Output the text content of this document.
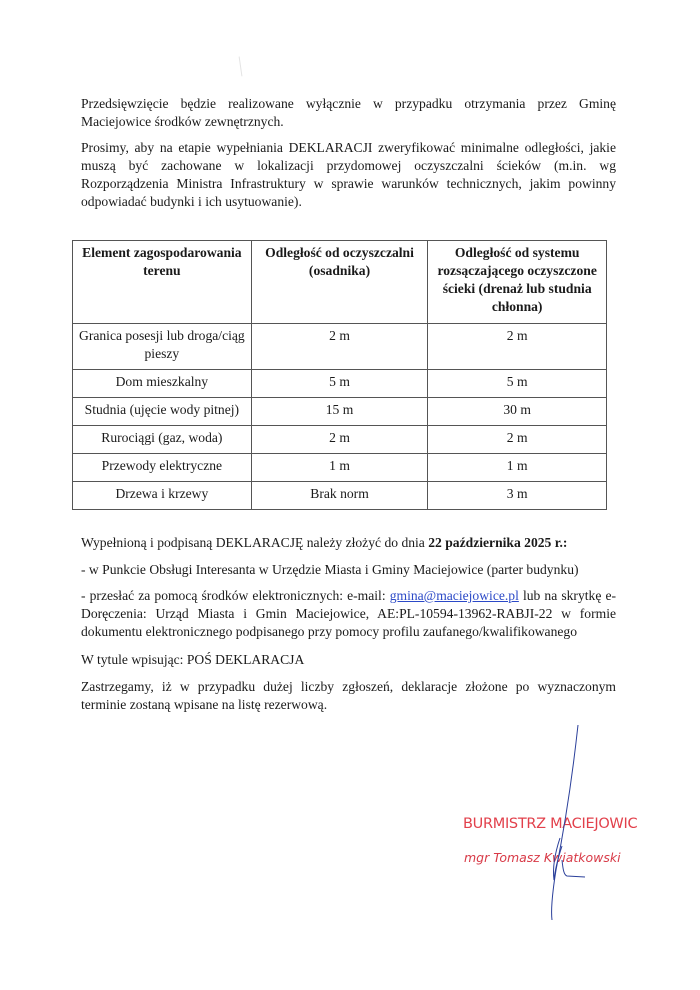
Przedsięwzięcie będzie realizowane wyłącznie w przypadku otrzymania przez Gminę Maciejowice środków zewnętrznych.

Prosimy, aby na etapie wypełniania DEKLARACJI zweryfikować minimalne odległości, jakie muszą być zachowane w lokalizacji przydomowej oczyszczalni ścieków (m.in. wg Rozporządzenia Ministra Infrastruktury w sprawie warunków technicznych, jakim powinny odpowiadać budynki i ich usytuowanie).

Element zagospodarowania terenu	Odległość od oczyszczalni (osadnika)	Odległość od systemu rozsączającego oczyszczone ścieki (drenaż lub studnia chłonna)
Granica posesji lub droga/ciąg pieszy	2 m	2 m
Dom mieszkalny	5 m	5 m
Studnia (ujęcie wody pitnej)	15 m	30 m
Rurociągi (gaz, woda)	2 m	2 m
Przewody elektryczne	1 m	1 m
Drzewa i krzewy	Brak norm	3 m

Wypełnioną i podpisaną DEKLARACJĘ należy złożyć do dnia 22 października 2025 r.:

- w Punkcie Obsługi Interesanta w Urzędzie Miasta i Gminy Maciejowice (parter budynku)

- przesłać za pomocą środków elektronicznych: e-mail: gmina@maciejowice.pl lub na skrytkę e-Doręczenia: Urząd Miasta i Gmin Maciejowice, AE:PL-10594-13962-RABJI-22 w formie dokumentu elektronicznego podpisanego przy pomocy profilu zaufanego/kwalifikowanego

W tytule wpisując: POŚ DEKLARACJA

Zastrzegamy, iż w przypadku dużej liczby zgłoszeń, deklaracje złożone po wyznaczonym terminie zostaną wpisane na listę rezerwową.

BURMISTRZ MACIEJOWIC
mgr Tomasz Kwiatkowski
